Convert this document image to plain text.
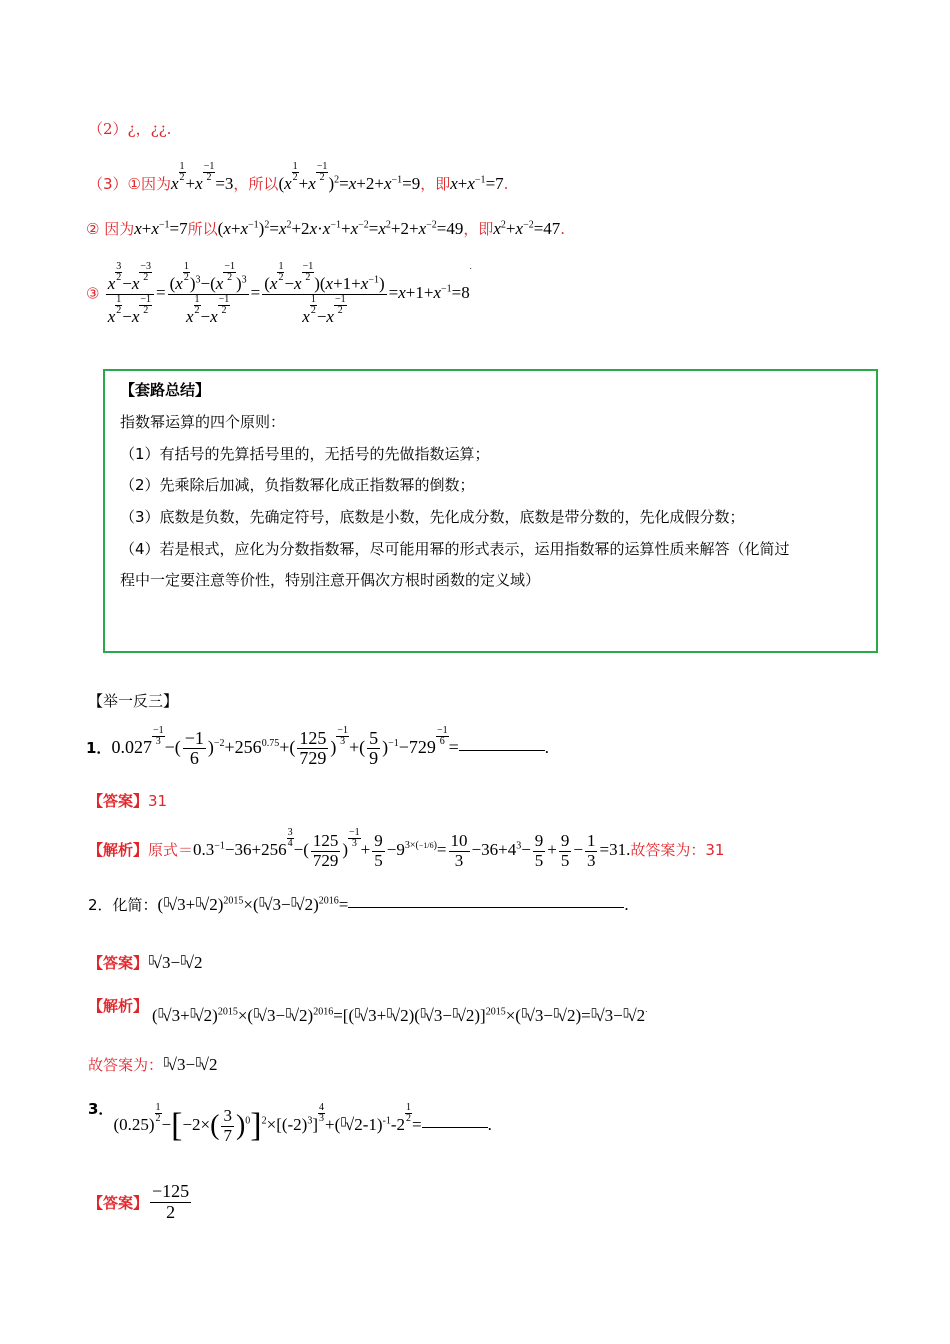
（2）¿，¿¿.
（3）①因为x
$\frac{1}{2}$
+x
$\frac{-1}{2}$
=3，所以(x
$\frac{1}{2}$
+x
$\frac{-1}{2}$
)$^2=x+2+x^{-1}=9$，即$x+x^{-1}=7$.
② 因为$x+x^{-1}=7$所以$(x+x^{-1})^2=x^2+2x\cdot x^{-1}+x^{-2}=x^2+2+x^{-2}=49$，即$x^2+x^{-2}=47$.
③ x
$\frac{3}{2}$
−x
$\frac{-3}{2}$
x
$\frac{1}{2}$
−x
$\frac{-1}{2} = (x$
$\frac{1}{2}$
)$^3$−(x
$\frac{-1}{2}$
)$^3$
x
$\frac{1}{2}$
−x
$\frac{-1}{2} = (x$
$\frac{1}{2}$
−x
$\frac{-1}{2}$
)$(x+1+x^{-1})$
x
$\frac{1}{2}$
−x
$\frac{-1}{2} =x+1+x^{-1}=8^.$
【套路总结】
指数幂运算的四个原则：
（1）有括号的先算括号里的，无括号的先做指数运算；
（2）先乘除后加减，负指数幂化成正指数幂的倒数；
（3）底数是负数，先确定符号，底数是小数，先化成分数，底数是带分数的，先化成假分数；
（4）若是根式，应化为分数指数幂，尽可能用幂的形式表示，运用指数幂的运算性质来解答（化简过
程中一定要注意等价性，特别注意开偶次方根时函数的定义域）
【举一反三】
1．$0.027 \frac{-1}{3}$ −( $\frac{-1}{6} )^{-2}+256^{0.75}+( \frac{125}{729}$ ) $\frac{-1}{3}$ +( $\frac{5}{9} )^{-1}-729 \frac{-1}{6}$ =	.
【答案】31
【解析】原式$=0.3^{-1}-36+256$
$\frac{3}{4}$
−( $\frac{125}{729}$ )
$\frac{-1}{3}$
+ $\frac{9}{5} -9^{3\times(-1/6)}= \frac{10}{3} -36+4^3- \frac{9}{5} + \frac{9}{5} - \frac{1}{3} =31$.故答案为：31
2．化简：$(^▯√3+^▯√2)^{2015}\times(^▯√3-^▯√2)^{2016}=$	.
【答案】▯√3−▯√2
【解析】 $(^▯√3+^▯√2)^{2015}\times(^▯√3-^▯√2)^{2016}=[(^▯√3+^▯√2)(^▯√3-^▯√2)]^{2015}\times(^▯√3-^▯√2)=^▯√3-^▯√2^.$
故答案为：▯√3−▯√2
3．(0.25)
$\frac{1}{2}$
$-[-2\times( \frac{3}{7} )^0]^2\times[(-2)^3]$
$\frac{4}{3}$
$+(^▯√2-1)^{-1}-2$
$\frac{1}{2}$
=	.
【答案】 $\frac{-125}{2}$
